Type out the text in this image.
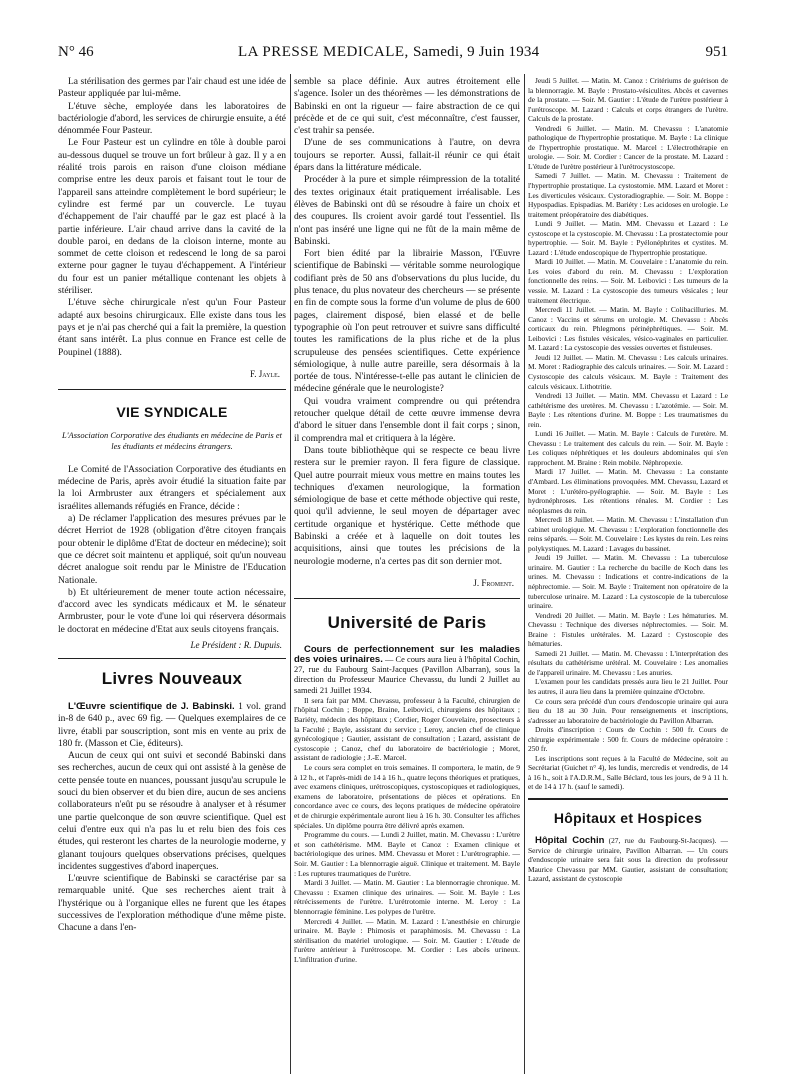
N° 46	LA PRESSE MEDICALE, Samedi, 9 Juin 1934	951

La stérilisation des germes par l'air chaud est une idée de Pasteur appliquée par lui-même.

L'étuve sèche, employée dans les laboratoires de bactériologie d'abord, les services de chirurgie ensuite, a été dénommée Four Pasteur.

Le Four Pasteur est un cylindre en tôle à double paroi au-dessous duquel se trouve un fort brûleur à gaz. Il y a en réalité trois parois en raison d'une cloison médiane comprise entre les deux parois et faisant tout le tour de l'appareil sans atteindre complètement le bord supérieur; le cylindre est fermé par un couvercle. Le tuyau d'échappement de l'air chauffé par le gaz est placé à la partie inférieure. L'air chaud arrive dans la cavité de la double paroi, en dedans de la cloison interne, monte au sommet de cette cloison et redescend le long de sa paroi externe pour gagner le tuyau d'échappement. A l'intérieur du four est un panier métallique contenant les objets à stériliser.

L'étuve sèche chirurgicale n'est qu'un Four Pasteur adapté aux besoins chirurgicaux. Elle existe dans tous les pays et je n'ai pas cherché qui a fait la première, la question étant sans intérêt. La plus connue en France est celle de Poupinel (1888).

F. Jayle.
VIE SYNDICALE
L'Association Corporative des étudiants en médecine de Paris et les étudiants et médecins étrangers.

Le Comité de l'Association Corporative des étudiants en médecine de Paris, après avoir étudié la situation faite par la loi Armbruster aux étrangers et spécialement aux israélites allemands réfugiés en France, décide :

a) De réclamer l'application des mesures prévues par le décret Herriot de 1928 (obligation d'être citoyen français pour obtenir le diplôme d'Etat de docteur en médecine); soit que ce décret soit maintenu et appliqué, soit qu'un nouveau décret analogue soit rendu par le Ministre de l'Education Nationale.

b) Et ultérieurement de mener toute action nécessaire, d'accord avec les syndicats médicaux et M. le sénateur Armbruster, pour le vote d'une loi qui réservera désormais le doctorat en médecine d'Etat aux seuls citoyens français.

Le Président : R. Dupuis.
Livres Nouveaux

L'Œuvre scientifique de J. Babinski. 1 vol. grand in-8 de 640 p., avec 69 fig. — Quelques exemplaires de ce livre, établi par souscription, sont mis en vente au prix de 180 fr. (Masson et Cie, éditeurs).

Aucun de ceux qui ont suivi et secondé Babinski dans ses recherches, aucun de ceux qui ont assisté à la genèse de cette pensée toute en nuances, poussant jusqu'au scrupule le souci du bien observer et du bien dire, aucun de ses anciens collaborateurs n'eût pu se résoudre à analyser et à résumer une partie quelconque de son œuvre scientifique. Quel est celui d'entre eux qui n'a pas lu et relu bien des fois ces études, qui resteront les chartes de la neurologie moderne, y glanant toujours quelques observations précises, quelques incidentes suggestives d'abord inaperçues.

L'œuvre scientifique de Babinski se caractérise par sa remarquable unité. Que ses recherches aient trait à l'hystérique ou à l'organique elles ne furent que les étapes successives de l'exploration méthodique d'une même piste. Chacune a dans l'en-

semble sa place définie. Aux autres étroitement elle s'agence. Isoler un des théorèmes — les démonstrations de Babinski en ont la rigueur — faire abstraction de ce qui précède et de ce qui suit, c'est méconnaître, c'est fausser, c'est trahir sa pensée.

D'une de ses communications à l'autre, on devra toujours se reporter. Aussi, fallait-il réunir ce qui était épars dans la littérature médicale.

Procéder à la pure et simple réimpression de la totalité des textes originaux était pratiquement irréalisable. Les élèves de Babinski ont dû se résoudre à faire un choix et des coupures. Ils croient avoir gardé tout l'essentiel. Ils n'ont pas inséré une ligne qui ne fût de la main même de Babinski.

Fort bien édité par la librairie Masson, l'Œuvre scientifique de Babinski — véritable somme neurologique codifiant près de 50 ans d'observations du plus lucide, du plus tenace, du plus novateur des chercheurs — se présente en fin de compte sous la forme d'un volume de plus de 600 pages, clairement disposé, bien elassé et de belle typographie où l'on peut retrouver et suivre sans difficulté toutes les ramifications de la plus riche et de la plus scrupuleuse des pensées scientifiques. Cette expérience sémiologique, à nulle autre pareille, sera désormais à la portée de tous. N'intéresse-t-elle pas autant le clinicien de médecine générale que le neurologiste?

Qui voudra vraiment comprendre ou qui prétendra retoucher quelque détail de cette œuvre immense devra d'abord le situer dans l'ensemble dont il fait corps ; sinon, il comprendra mal et critiquera à la légère.

Dans toute bibliothèque qui se respecte ce beau livre restera sur le premier rayon. Il fera figure de classique. Quel autre pourrait mieux vous mettre en mains toutes les techniques d'examen neurologique, la formation sémiologique de base et cette méthode objective qui reste, quoi qu'il advienne, le seul moyen de départager avec certitude organique et hystérique. Cette méthode que Babinski a créée et à laquelle on doit toutes les acquisitions, ainsi que toutes les précisions de la neurologie moderne, n'a certes pas dit son dernier mot.

J. Froment.
Université de Paris

Cours de perfectionnement sur les maladies des voies urinaires. — Ce cours aura lieu à l'hôpital Cochin, 27, rue du Faubourg Saint-Jacques (Pavillon Albarran), sous la direction du Professeur Maurice Chevassu, du lundi 2 Juillet au samedi 21 Juillet 1934.

Il sera fait par MM. Chevassu, professeur à la Faculté, chirurgien de l'hôpital Cochin ; Boppe, Braine, Leibovici, chirurgiens des hôpitaux ; Bariéty, médecin des hôpitaux ; Cordier, Roger Couvelaire, prosecteurs à la Faculté ; Bayle, assistant du service ; Leroy, ancien chef de clinique gynécologique ; Gautier, assistant de consultation ; Lazard, assistant de cystoscopie ; Canoz, chef du laboratoire de bactériologie ; Moret, assistant de radiologie ; J.-E. Marcel.

Le cours sera complet en trois semaines. Il comportera, le matin, de 9 à 12 h., et l'après-midi de 14 à 16 h., quatre leçons théoriques et pratiques, avec examens cliniques, urétroscopiques, cystoscopiques et radiologiques, examens de laboratoire, présentations de pièces et opérations. En concordance avec ce cours, des leçons pratiques de médecine opératoire et de chirurgie expérimentale auront lieu à 16 h. 30. Consulter les affiches spéciales. Un diplôme pourra être délivré après examen.

Programme du cours. — Lundi 2 Juillet, matin. M. Chevassu : L'urètre et son cathétérisme. MM. Bayle et Canoz : Examen clinique et bactériologique des urines. MM. Chevassu et Moret : L'urétrographie. — Soir. M. Gautier : La blennorragie aiguë. Clinique et traitement. M. Bayle : Les ruptures traumatiques de l'urètre.

Mardi 3 Juillet. — Matin. M. Gautier : La blennorragie chronique. M. Chevassu : Examen clinique des urinaires. — Soir. M. Bayle : Les rétrécissements de l'urètre. L'urétrotomie interne. M. Leroy : La blennorragie féminine. Les polypes de l'urètre.

Mercredi 4 Juillet. — Matin. M. Lazard : L'anesthésie en chirurgie urinaire. M. Bayle : Phimosis et paraphimosis. M. Chevassu : La stérilisation du matériel urologique. — Soir. M. Gautier : L'étude de l'urètre antérieur à l'urétroscope. M. Cordier : Les abcès urineux. L'infiltration d'urine.

Jeudi 5 Juillet. — Matin. M. Canoz : Critériums de guérison de la blennorragie. M. Bayle : Prostato-vésiculites. Abcès et cavernes de la prostate. — Soir. M. Gautier : L'étude de l'urètre postérieur à l'urétroscope. M. Lazard : Calculs et corps étrangers de l'urètre. Calculs de la prostate.

Vendredi 6 Juillet. — Matin. M. Chevassu : L'anatomie pathologique de l'hypertrophie prostatique. M. Bayle : La clinique de l'hypertrophie prostatique. M. Marcel : L'électrothérapie en urologie. — Soir. M. Cordier : Cancer de la prostate. M. Lazard : L'étude de l'urètre postérieur à l'urétrocystoscope.

Samedi 7 Juillet. — Matin. M. Chevassu : Traitement de l'hypertrophie prostatique. La cystostomie. MM. Lazard et Moret : Les diverticules vésicaux. Cystoradiographie. — Soir. M. Boppe : Hypospadias. Epispadias. M. Bariéty : Les acidoses en urologie. Le traitement préopératoire des diabétiques.

Lundi 9 Juillet. — Matin. MM. Chevassu et Lazard : Le cystoscope et la cystoscopie. M. Chevassu : La prostatectomie pour hypertrophie. — Soir. M. Bayle : Pyélonéphrites et cystites. M. Lazard : L'étude endoscopique de l'hypertrophie prostatique.

Mardi 10 Juillet. — Matin. M. Couvelaire : L'anatomie du rein. Les voies d'abord du rein. M. Chevassu : L'exploration fonctionnelle des reins. — Soir. M. Leibovici : Les tumeurs de la vessie. M. Lazard : La cystoscopie des tumeurs vésicales ; leur traitement électrique.

Mercredi 11 Juillet. — Matin. M. Bayle : Colibacilluries. M. Canoz : Vaccins et sérums en urologie. M. Chevassu : Abcès corticaux du rein. Phlegmons périnéphrétiques. — Soir. M. Leibovici : Les fistules vésicales, vésico-vaginales en particulier. M. Lazard : La cystoscopie des vessies ouvertes et fistuleuses.

Jeudi 12 Juillet. — Matin. M. Chevassu : Les calculs urinaires. M. Moret : Radiographie des calculs urinaires. — Soir. M. Lazard : Cystoscopie des calculs vésicaux. M. Bayle : Traitement des calculs vésicaux. Lithotritie.

Vendredi 13 Juillet. — Matin. MM. Chevassu et Lazard : Le cathétérisme des uretères. M. Chevassu : L'azotémie. — Soir. M. Bayle : Les rétentions d'urine. M. Boppe : Les traumatismes du rein.

Lundi 16 Juillet. — Matin. M. Bayle : Calculs de l'uretère. M. Chevassu : Le traitement des calculs du rein. — Soir. M. Bayle : Les coliques néphrétiques et les douleurs abdominales qui s'en rapprochent. M. Braine : Rein mobile. Néphropexie.

Mardi 17 Juillet. — Matin. M. Chevassu : La constante d'Ambard. Les éliminations provoquées. MM. Chevassu, Lazard et Moret : L'urétéro-pyélographie. — Soir. M. Bayle : Les hydronéphroses. Les rétentions rénales. M. Cordier : Les néoplasmes du rein.

Mercredi 18 Juillet. — Matin. M. Chevassu : L'installation d'un cabinet urologique. M. Chevassu : L'exploration fonctionnelle des reins séparés. — Soir. M. Couvelaire : Les kystes du rein. Les reins polykystiques. M. Lazard : Lavages du bassinet.

Jeudi 19 Juillet. — Matin. M. Chevassu : La tuberculose urinaire. M. Gautier : La recherche du bacille de Koch dans les urines. M. Chevassu : Indications et contre-indications de la néphrectomie. — Soir. M. Bayle : Traitement non opératoire de la tuberculose urinaire. M. Lazard : La cystoscopie de la tuberculose urinaire.

Vendredi 20 Juillet. — Matin. M. Bayle : Les hématuries. M. Chevassu : Technique des diverses néphrectomies. — Soir. M. Braine : Fistules urétérales. M. Lazard : Cystoscopie des hématuries.

Samedi 21 Juillet. — Matin. M. Chevassu : L'interprétation des résultats du cathétérisme urétéral. M. Couvelaire : Les anomalies de l'appareil urinaire. M. Chevassu : Les anuries.

L'examen pour les candidats pressés aura lieu le 21 Juillet. Pour les autres, il aura lieu dans la première quinzaine d'Octobre.

Ce cours sera précédé d'un cours d'endoscopie urinaire qui aura lieu du 18 au 30 Juin. Pour renseignements et inscriptions, s'adresser au laboratoire de bactériologie du Pavillon Albarran.

Droits d'inscription : Cours de Cochin : 500 fr. Cours de chirurgie expérimentale : 500 fr. Cours de médecine opératoire : 250 fr.

Les inscriptions sont reçues à la Faculté de Médecine, soit au Secrétariat (Guichet n° 4), les lundis, mercredis et vendredis, de 14 à 16 h., soit à l'A.D.R.M., Salle Béclard, tous les jours, de 9 à 11 h. et de 14 à 17 h. (sauf le samedi).

Hôpitaux et Hospices

Hôpital Cochin (27, rue du Faubourg-St-Jacques). — Service de chirurgie urinaire, Pavillon Albarran. — Un cours d'endoscopie urinaire sera fait sous la direction du professeur Maurice Chevassu par MM. Gautier, assistant de consultation; Lazard, assistant de cystoscopie
